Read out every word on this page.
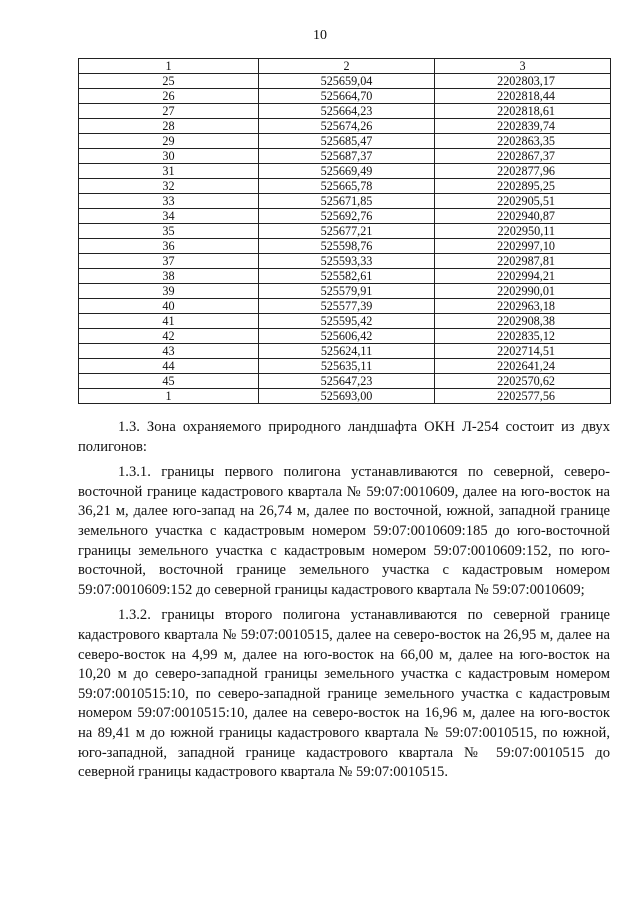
10
1	2	3
25	525659,04	2202803,17
26	525664,70	2202818,44
27	525664,23	2202818,61
28	525674,26	2202839,74
29	525685,47	2202863,35
30	525687,37	2202867,37
31	525669,49	2202877,96
32	525665,78	2202895,25
33	525671,85	2202905,51
34	525692,76	2202940,87
35	525677,21	2202950,11
36	525598,76	2202997,10
37	525593,33	2202987,81
38	525582,61	2202994,21
39	525579,91	2202990,01
40	525577,39	2202963,18
41	525595,42	2202908,38
42	525606,42	2202835,12
43	525624,11	2202714,51
44	525635,11	2202641,24
45	525647,23	2202570,62
1	525693,00	2202577,56

1.3. Зона охраняемого природного ландшафта ОКН Л-254 состоит из двух полигонов:

1.3.1. границы первого полигона устанавливаются по северной, северо-восточной границе кадастрового квартала № 59:07:0010609, далее на юго-восток на 36,21 м, далее юго-запад на 26,74 м, далее по восточной, южной, западной границе земельного участка с кадастровым номером 59:07:0010609:185 до юго-восточной границы земельного участка с кадастровым номером 59:07:0010609:152, по юго-восточной, восточной границе земельного участка с кадастровым номером 59:07:0010609:152 до северной границы кадастрового квартала № 59:07:0010609;

1.3.2. границы второго полигона устанавливаются по северной границе кадастрового квартала № 59:07:0010515, далее на северо-восток на 26,95 м, далее на северо-восток на 4,99 м, далее на юго-восток на 66,00 м, далее на юго-восток на 10,20 м до северо-западной границы земельного участка с кадастровым номером 59:07:0010515:10, по северо-западной границе земельного участка с кадастровым номером 59:07:0010515:10, далее на северо-восток на 16,96 м, далее на юго-восток на 89,41 м до южной границы кадастрового квартала № 59:07:0010515, по южной, юго-западной, западной границе кадастрового квартала № 59:07:0010515 до северной границы кадастрового квартала № 59:07:0010515.
